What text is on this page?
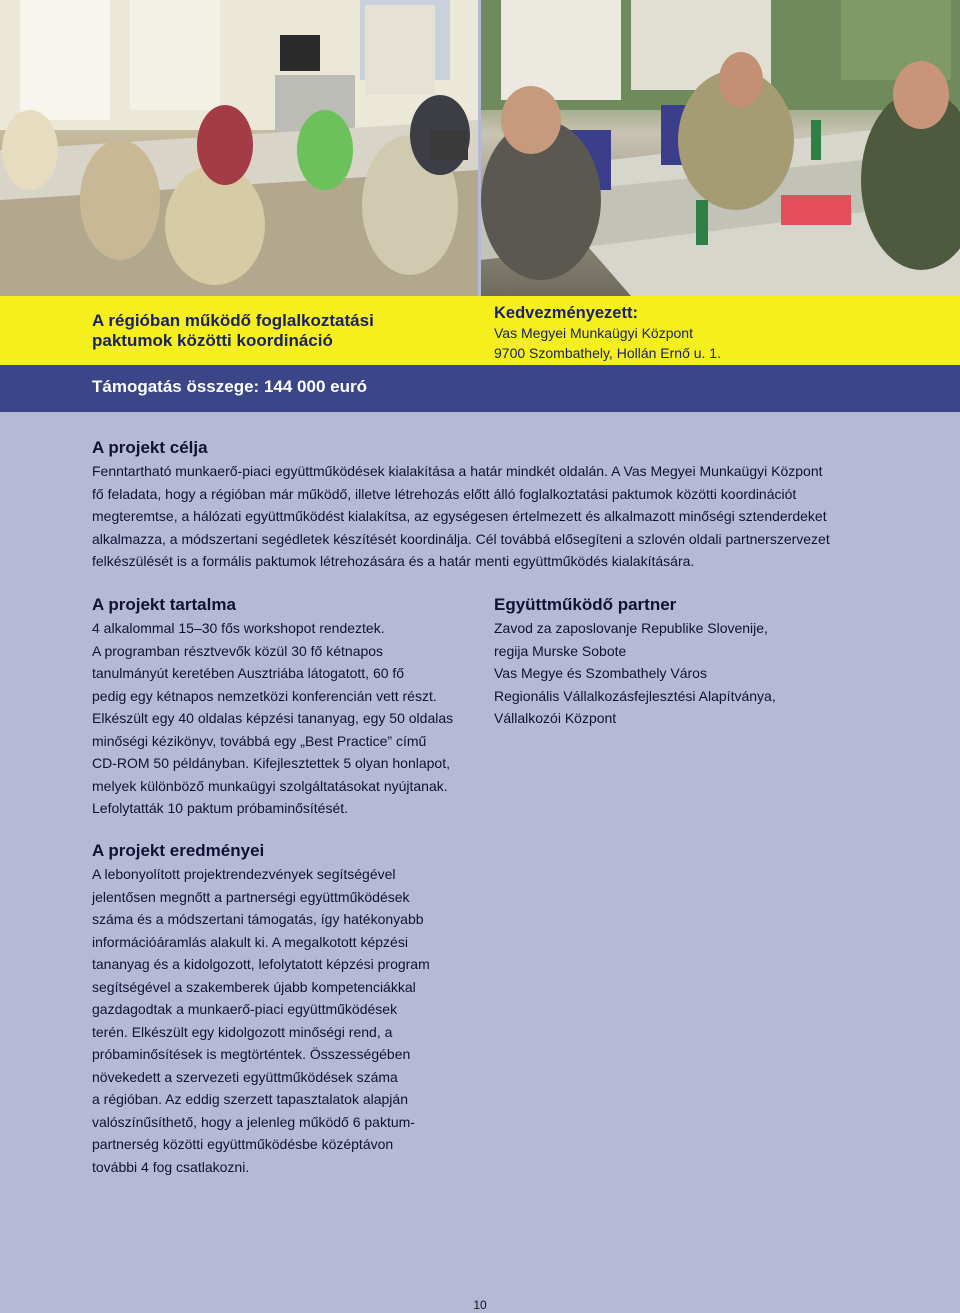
A régióban működő foglalkoztatási
paktumok közötti koordináció
Kedvezményezett:
Vas Megyei Munkaügyi Központ
9700 Szombathely, Hollán Ernő u. 1.
Támogatás összege: 144 000 euró
A projekt célja
Fenntartható munkaerő-piaci együttműködések kialakítása a határ mindkét oldalán. A Vas Megyei Munkaügyi Központ
fő feladata, hogy a régióban már működő, illetve létrehozás előtt álló foglalkoztatási paktumok közötti koordinációt
megteremtse, a hálózati együttműködést kialakítsa, az egységesen értelmezett és alkalmazott minőségi sztenderdeket
alkalmazza, a módszertani segédletek készítését koordinálja. Cél továbbá elősegíteni a szlovén oldali partnerszervezet
felkészülését is a formális paktumok létrehozására és a határ menti együttműködés kialakítására.
A projekt tartalma
4 alkalommal 15–30 fős workshopot rendeztek.
A programban résztvevők közül 30 fő kétnapos
tanulmányút keretében Ausztriába látogatott, 60 fő
pedig egy kétnapos nemzetközi konferencián vett részt.
Elkészült egy 40 oldalas képzési tananyag, egy 50 oldalas
minőségi kézikönyv, továbbá egy „Best Practice” című
CD-ROM 50 példányban. Kifejlesztettek 5 olyan honlapot,
melyek különböző munkaügyi szolgáltatásokat nyújtanak.
Lefolytatták 10 paktum próbaminősítését.
Együttműködő partner
Zavod za zaposlovanje Republike Slovenije,
regija Murske Sobote
Vas Megye és Szombathely Város
Regionális Vállalkozásfejlesztési Alapítványa,
Vállalkozói Központ
A projekt eredményei
A lebonyolított projektrendezvények segítségével
jelentősen megnőtt a partnerségi együttműködések
száma és a módszertani támogatás, így hatékonyabb
információáramlás alakult ki. A megalkotott képzési
tananyag és a kidolgozott, lefolytatott képzési program
segítségével a szakemberek újabb kompetenciákkal
gazdagodtak a munkaerő-piaci együttműködések
terén. Elkészült egy kidolgozott minőségi rend, a
próbaminősítések is megtörténtek. Összességében
növekedett a szervezeti együttműködések száma
a régióban. Az eddig szerzett tapasztalatok alapján
valószínűsíthető, hogy a jelenleg működő 6 paktum-
partnerség közötti együttműködésbe középtávon
további 4 fog csatlakozni.
10
